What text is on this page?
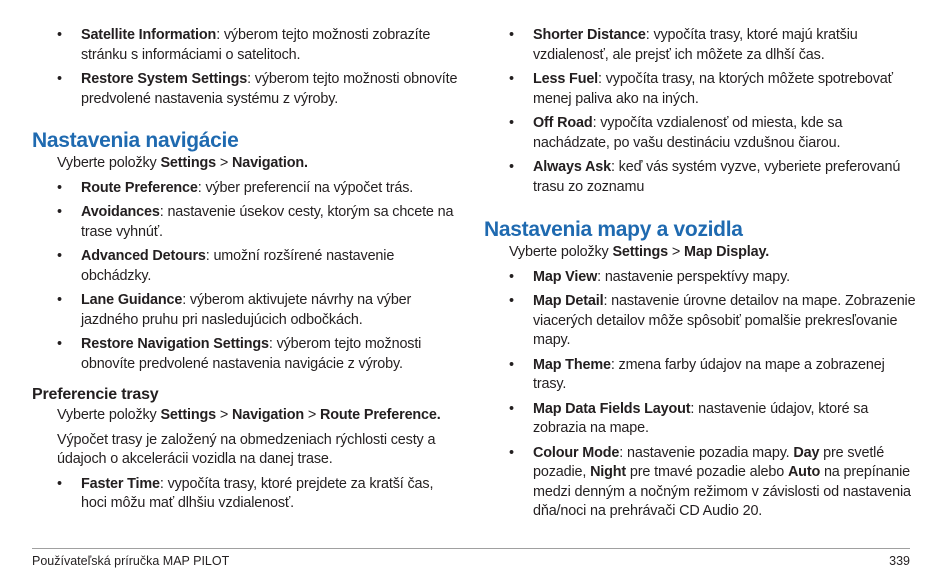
• Satellite Information: výberom tejto možnosti zobrazíte stránku s informáciami o satelitoch.
• Restore System Settings: výberom tejto možnosti obnovíte predvolené nastavenia systému z výroby.
Nastavenia navigácie

Vyberte položky Settings > Navigation.

• Route Preference: výber preferencií na výpočet trás.
• Avoidances: nastavenie úsekov cesty, ktorým sa chcete na trase vyhnúť.
• Advanced Detours: umožní rozšírené nastavenie obchádzky.
• Lane Guidance: výberom aktivujete návrhy na výber jazdného pruhu pri nasledujúcich odbočkách.
• Restore Navigation Settings: výberom tejto možnosti obnovíte predvolené nastavenia navigácie z výroby.
Preferencie trasy

Vyberte položky Settings > Navigation > Route Preference.

Výpočet trasy je založený na obmedzeniach rýchlosti cesty a údajoch o akcelerácii vozidla na danej trase.

• Faster Time: vypočíta trasy, ktoré prejdete za kratší čas, hoci môžu mať dlhšiu vzdialenosť.
• Shorter Distance: vypočíta trasy, ktoré majú kratšiu vzdialenosť, ale prejsť ich môžete za dlhší čas.
• Less Fuel: vypočíta trasy, na ktorých môžete spotrebovať menej paliva ako na iných.
• Off Road: vypočíta vzdialenosť od miesta, kde sa nachádzate, po vašu destináciu vzdušnou čiarou.
• Always Ask: keď vás systém vyzve, vyberiete preferovanú trasu zo zoznamu
Nastavenia mapy a vozidla

Vyberte položky Settings > Map Display.

• Map View: nastavenie perspektívy mapy.
• Map Detail: nastavenie úrovne detailov na mape. Zobrazenie viacerých detailov môže spôsobiť pomalšie prekresľovanie mapy.
• Map Theme: zmena farby údajov na mape a zobrazenej trasy.
• Map Data Fields Layout: nastavenie údajov, ktoré sa zobrazia na mape.
• Colour Mode: nastavenie pozadia mapy. Day pre svetlé pozadie, Night pre tmavé pozadie alebo Auto na prepínanie medzi denným a nočným režimom v závislosti od nastavenia dňa/noci na prehrávači CD Audio 20.
Používateľská príručka MAP PILOT	339
